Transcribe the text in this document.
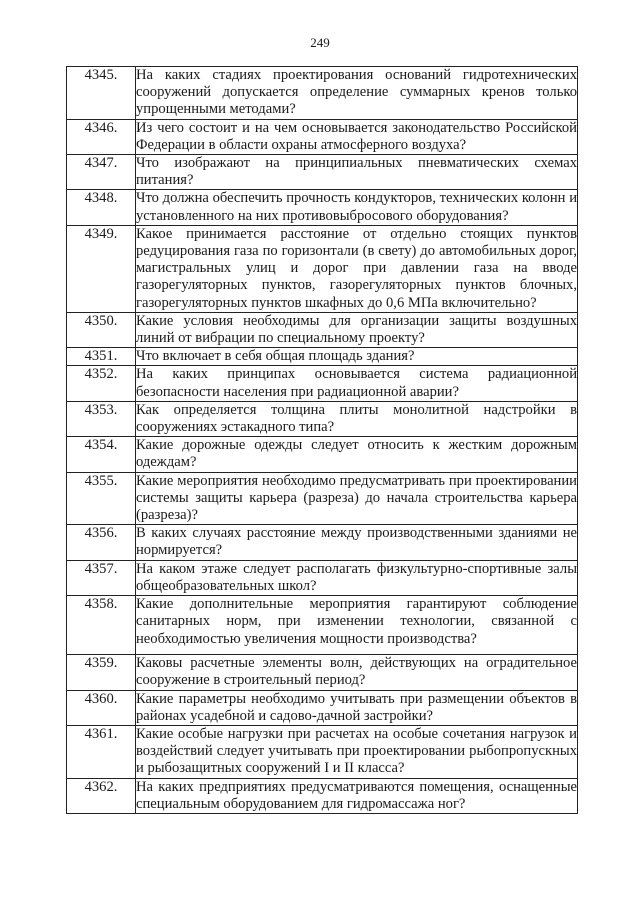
249
4345.	На каких стадиях проектирования оснований гидротехнических сооружений допускается определение суммарных кренов только упрощенными методами?
4346.	Из чего состоит и на чем основывается законодательство Российской Федерации в области охраны атмосферного воздуха?
4347.	Что изображают на принципиальных пневматических схемах питания?
4348.	Что должна обеспечить прочность кондукторов, технических колонн и установленного на них противовыбросового оборудования?
4349.	Какое принимается расстояние от отдельно стоящих пунктов редуцирования газа по горизонтали (в свету) до автомобильных дорог, магистральных улиц и дорог при давлении газа на вводе газорегуляторных пунктов, газорегуляторных пунктов блочных, газорегуляторных пунктов шкафных до 0,6 МПа включительно?
4350.	Какие условия необходимы для организации защиты воздушных линий от вибрации по специальному проекту?
4351.	Что включает в себя общая площадь здания?
4352.	На каких принципах основывается система радиационной безопасности населения при радиационной аварии?
4353.	Как определяется толщина плиты монолитной надстройки в сооружениях эстакадного типа?
4354.	Какие дорожные одежды следует относить к жестким дорожным одеждам?
4355.	Какие мероприятия необходимо предусматривать при проектировании системы защиты карьера (разреза) до начала строительства карьера (разреза)?
4356.	В каких случаях расстояние между производственными зданиями не нормируется?
4357.	На каком этаже следует располагать физкультурно-спортивные залы общеобразовательных школ?
4358.	Какие дополнительные мероприятия гарантируют соблюдение санитарных норм, при изменении технологии, связанной с необходимостью увеличения мощности производства?
4359.	Каковы расчетные элементы волн, действующих на оградительное сооружение в строительный период?
4360.	Какие параметры необходимо учитывать при размещении объектов в районах усадебной и садово-дачной застройки?
4361.	Какие особые нагрузки при расчетах на особые сочетания нагрузок и воздействий следует учитывать при проектировании рыбопропускных и рыбозащитных сооружений I и II класса?
4362.	На каких предприятиях предусматриваются помещения, оснащенные специальным оборудованием для гидромассажа ног?
